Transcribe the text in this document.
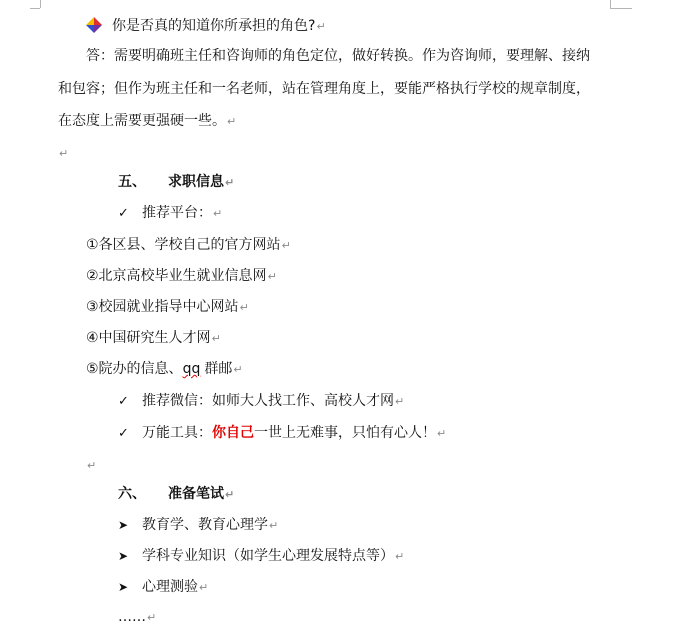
你是否真的知道你所承担的角色?↵
答：需要明确班主任和咨询师的角色定位，做好转换。作为咨询师，要理解、接纳
和包容；但作为班主任和一名老师，站在管理角度上，要能严格执行学校的规章制度，
在态度上需要更强硬一些。↵
↵
五、 求职信息↵
✓ 推荐平台：↵
①各区县、学校自己的官方网站↵
②北京高校毕业生就业信息网↵
③校园就业指导中心网站↵
④中国研究生人才网↵
⑤院办的信息、qq 群邮↵
✓ 推荐微信：如师大人找工作、高校人才网↵
✓ 万能工具：你自己一世上无难事，只怕有心人！↵
↵
六、 准备笔试↵
➤ 教育学、教育心理学↵
➤ 学科专业知识（如学生心理发展特点等）↵
➤ 心理测验↵
……↵
